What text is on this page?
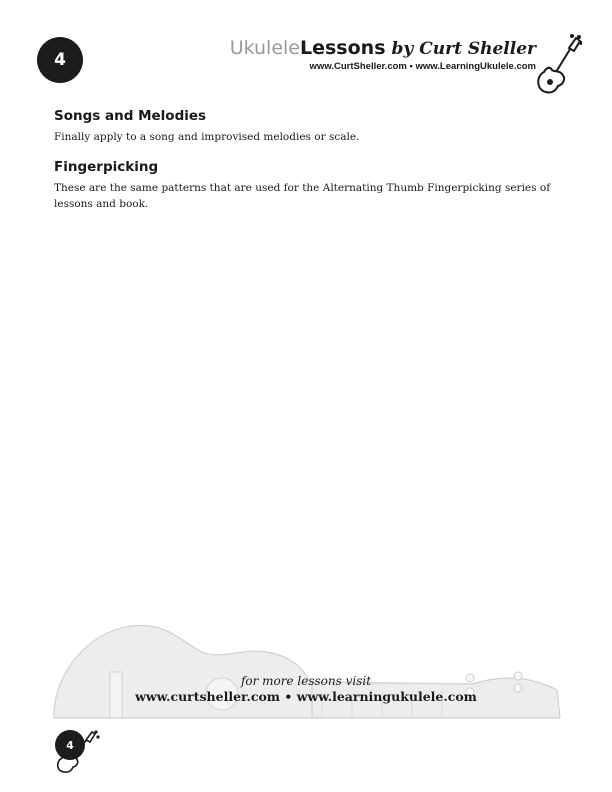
4
UkuleleLessons by Curt Sheller
www.CurtSheller.com • www.LearningUkulele.com
Songs and Melodies

Finally apply to a song and improvised melodies or scale.

Fingerpicking

These are the same patterns that are used for the Alternating Thumb Fingerpicking series of lessons and book.

for more lessons visit
www.curtsheller.com • www.learningukulele.com
4
